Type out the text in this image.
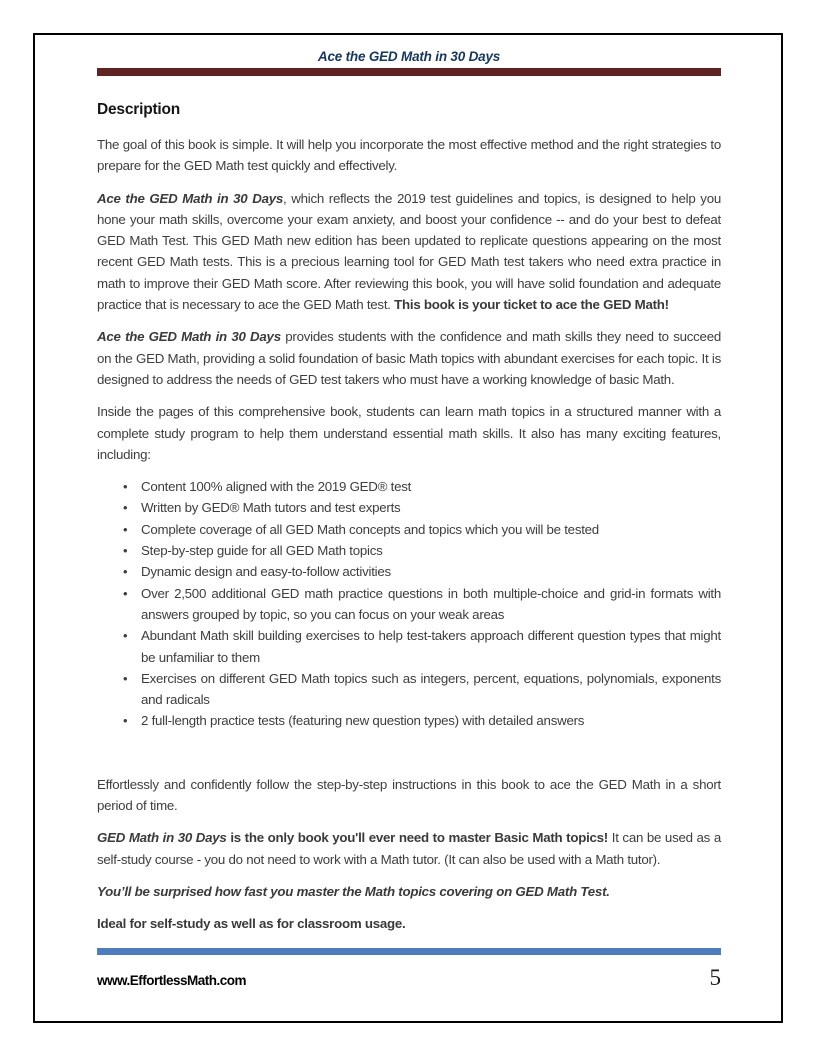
Ace the GED Math in 30 Days
Description

The goal of this book is simple. It will help you incorporate the most effective method and the right strategies to prepare for the GED Math test quickly and effectively.

Ace the GED Math in 30 Days, which reflects the 2019 test guidelines and topics, is designed to help you hone your math skills, overcome your exam anxiety, and boost your confidence -- and do your best to defeat GED Math Test. This GED Math new edition has been updated to replicate questions appearing on the most recent GED Math tests. This is a precious learning tool for GED Math test takers who need extra practice in math to improve their GED Math score. After reviewing this book, you will have solid foundation and adequate practice that is necessary to ace the GED Math test. This book is your ticket to ace the GED Math!

Ace the GED Math in 30 Days provides students with the confidence and math skills they need to succeed on the GED Math, providing a solid foundation of basic Math topics with abundant exercises for each topic. It is designed to address the needs of GED test takers who must have a working knowledge of basic Math.

Inside the pages of this comprehensive book, students can learn math topics in a structured manner with a complete study program to help them understand essential math skills. It also has many exciting features, including:

• Content 100% aligned with the 2019 GED® test
• Written by GED® Math tutors and test experts
• Complete coverage of all GED Math concepts and topics which you will be tested
• Step-by-step guide for all GED Math topics
• Dynamic design and easy-to-follow activities
• Over 2,500 additional GED math practice questions in both multiple-choice and grid-in formats with answers grouped by topic, so you can focus on your weak areas
• Abundant Math skill building exercises to help test-takers approach different question types that might be unfamiliar to them
• Exercises on different GED Math topics such as integers, percent, equations, polynomials, exponents and radicals
• 2 full-length practice tests (featuring new question types) with detailed answers

Effortlessly and confidently follow the step-by-step instructions in this book to ace the GED Math in a short period of time.

GED Math in 30 Days is the only book you'll ever need to master Basic Math topics! It can be used as a self-study course - you do not need to work with a Math tutor. (It can also be used with a Math tutor).

You’ll be surprised how fast you master the Math topics covering on GED Math Test.

Ideal for self-study as well as for classroom usage.

www.EffortlessMath.com	5
